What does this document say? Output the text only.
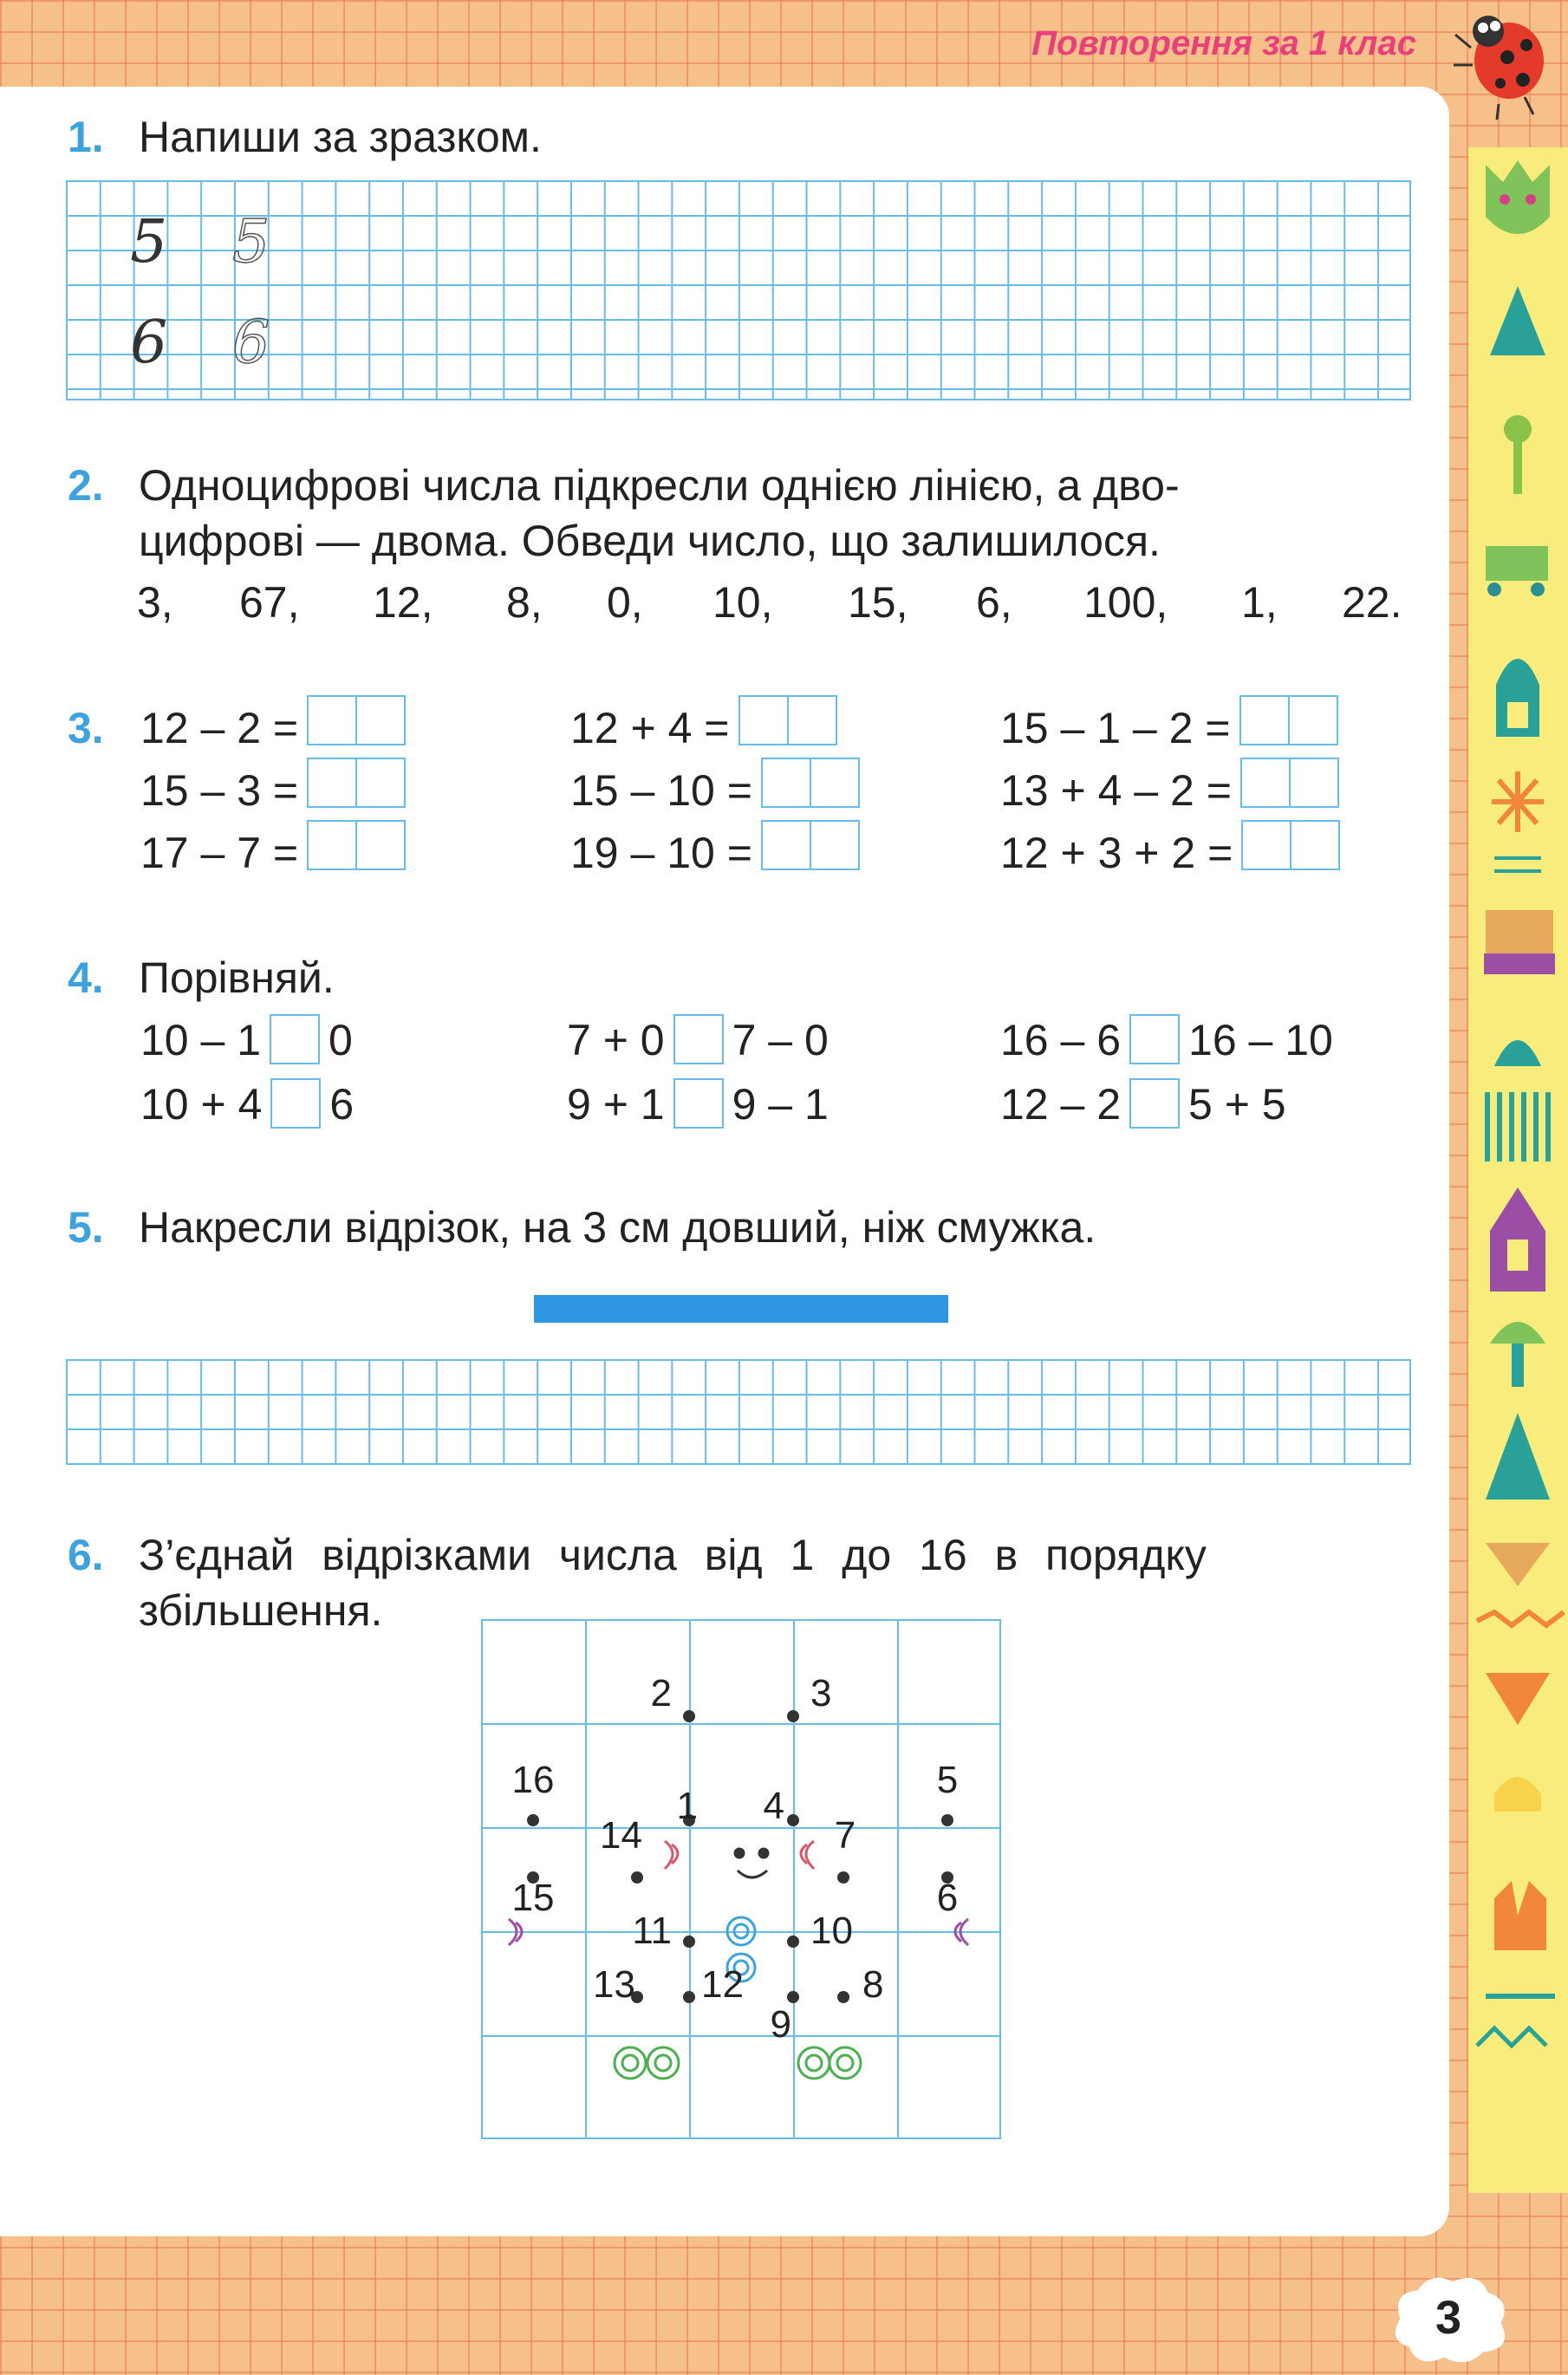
Повторення за 1 клас
1. Напиши за зразком.
5 5
6 6
2. Одноцифрові числа підкресли однією лінією, а дво-
цифрові — двома. Обведи число, що залишилося.
3, 67, 12, 8, 0, 10, 15, 6, 100, 1, 22.
3. 12 – 2 =	12 + 4 =	15 – 1 – 2 =
15 – 3 =	15 – 10 =	13 + 4 – 2 =
17 – 7 =	19 – 10 =	12 + 3 + 2 =
4. Порівняй.
10 – 1 0	7 + 0 7 – 0	16 – 6 16 – 10
10 + 4 6	9 + 1 9 – 1	12 – 2 5 + 5
5. Накресли відрізок, на 3 см довший, ніж смужка.
6. З’єднай відрізками числа від 1 до 16 в порядку
збільшення.
1
2	3
4
5
6
7
8
9
10
11
12
13
14
15
16
3
